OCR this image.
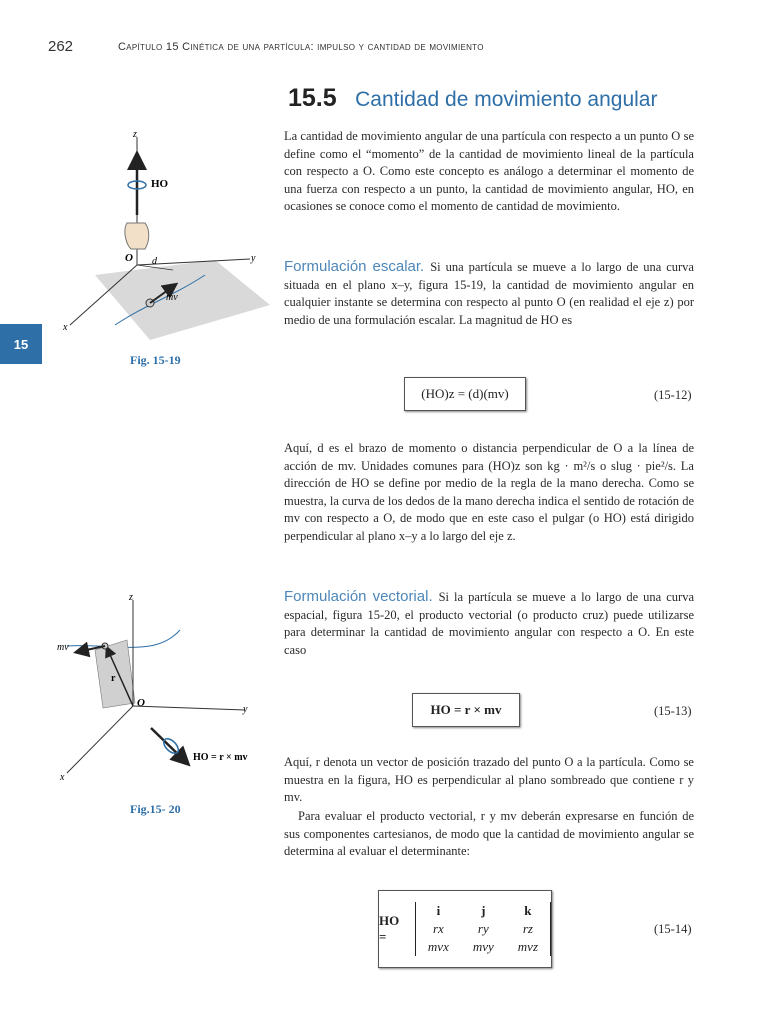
262	Capítulo 15 Cinética de una partícula: impulso y cantidad de movimiento
15
15.5 Cantidad de movimiento angular

La cantidad de movimiento angular de una partícula con respecto a un punto O se define como el “momento” de la cantidad de movimiento lineal de la partícula con respecto a O. Como este concepto es análogo a determinar el momento de una fuerza con respecto a un punto, la cantidad de movimiento angular, HO, en ocasiones se conoce como el momento de cantidad de movimiento.

Formulación escalar. Si una partícula se mueve a lo largo de una curva situada en el plano x–y, figura 15-19, la cantidad de movimiento angular en cualquier instante se determina con respecto al punto O (en realidad el eje z) por medio de una formulación escalar. La magnitud de HO es

(HO)z = (d)(mv)	(15-12)

Aquí, d es el brazo de momento o distancia perpendicular de O a la línea de acción de mv. Unidades comunes para (HO)z son kg · m²/s o slug · pie²/s. La dirección de HO se define por medio de la regla de la mano derecha. Como se muestra, la curva de los dedos de la mano derecha indica el sentido de rotación de mv con respecto a O, de modo que en este caso el pulgar (o HO) está dirigido perpendicular al plano x–y a lo largo del eje z.

Formulación vectorial. Si la partícula se mueve a lo largo de una curva espacial, figura 15-20, el producto vectorial (o producto cruz) puede utilizarse para determinar la cantidad de movimiento angular con respecto a O. En este caso

HO = r × mv	(15-13)

Aquí, r denota un vector de posición trazado del punto O a la partícula. Como se muestra en la figura, HO es perpendicular al plano sombreado que contiene r y mv.

Para evaluar el producto vectorial, r y mv deberán expresarse en función de sus componentes cartesianos, de modo que la cantidad de movimiento angular se determina al evaluar el determinante:

HO =
i	j	k
rx	ry	rz
mvx	mvy	mvz
(15-14)
z
y
x
O
HO
d
mv
Fig. 15-19
z
y
x
O
r
mv
HO = r × mv
Fig.15- 20
